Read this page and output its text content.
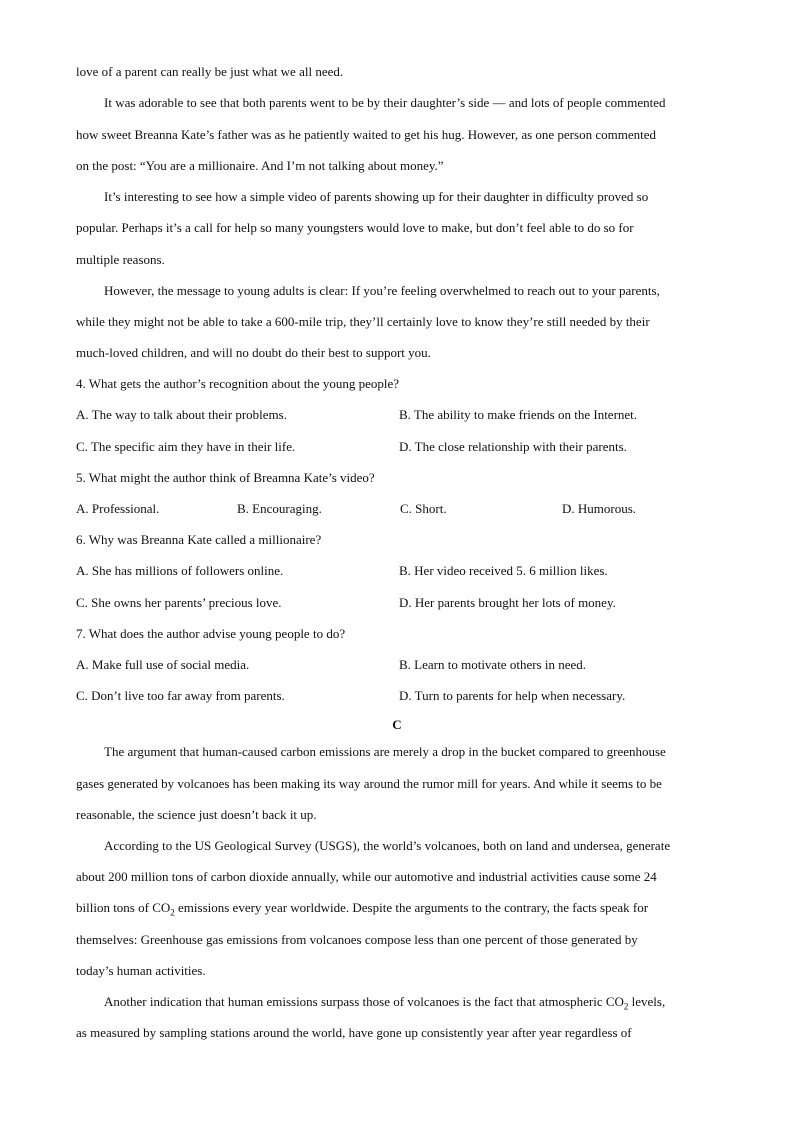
love of a parent can really be just what we all need.
It was adorable to see that both parents went to be by their daughter’s side — and lots of people commented
how sweet Breanna Kate’s father was as he patiently waited to get his hug. However, as one person commented
on the post: “You are a millionaire. And I’m not talking about money.”
It’s interesting to see how a simple video of parents showing up for their daughter in difficulty proved so
popular. Perhaps it’s a call for help so many youngsters would love to make, but don’t feel able to do so for
multiple reasons.
However, the message to young adults is clear: If you’re feeling overwhelmed to reach out to your parents,
while they might not be able to take a 600-mile trip, they’ll certainly love to know they’re still needed by their
much-loved children, and will no doubt do their best to support you.
4. What gets the author’s recognition about the young people?
A. The way to talk about their problems.	B. The ability to make friends on the Internet.
C. The specific aim they have in their life.	D. The close relationship with their parents.
5. What might the author think of Breamna Kate’s video?
A. Professional.	B. Encouraging.	C. Short.	D. Humorous.
6. Why was Breanna Kate called a millionaire?
A. She has millions of followers online.	B. Her video received 5. 6 million likes.
C. She owns her parents’ precious love.	D. Her parents brought her lots of money.
7. What does the author advise young people to do?
A. Make full use of social media.	B. Learn to motivate others in need.
C. Don’t live too far away from parents.	D. Turn to parents for help when necessary.
C
The argument that human-caused carbon emissions are merely a drop in the bucket compared to greenhouse
gases generated by volcanoes has been making its way around the rumor mill for years. And while it seems to be
reasonable, the science just doesn’t back it up.
According to the US Geological Survey (USGS), the world’s volcanoes, both on land and undersea, generate
about 200 million tons of carbon dioxide annually, while our automotive and industrial activities cause some 24
billion tons of $CO_2$ emissions every year worldwide. Despite the arguments to the contrary, the facts speak for
themselves: Greenhouse gas emissions from volcanoes compose less than one percent of those generated by
today’s human activities.
Another indication that human emissions surpass those of volcanoes is the fact that atmospheric $CO_2$ levels,
as measured by sampling stations around the world, have gone up consistently year after year regardless of
